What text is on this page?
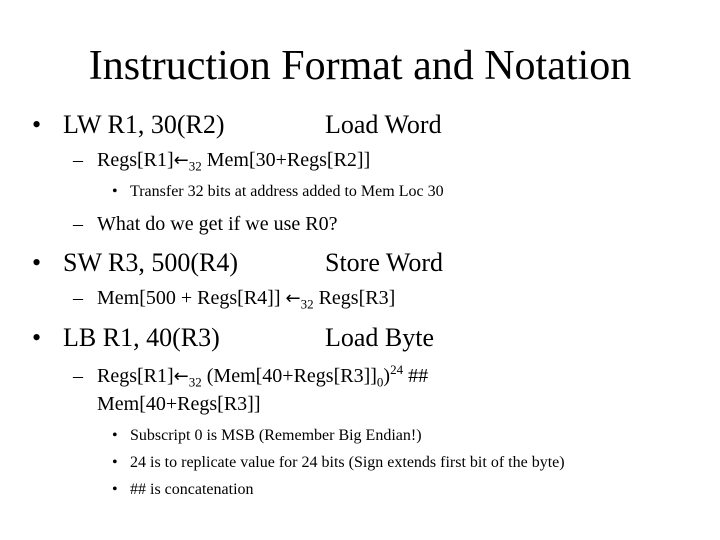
Instruction Format and Notation
• LW R1, 30(R2)	Load Word
– $Regs[R1]\leftarrow_{32}$ Mem[30+Regs[R2]]
• Transfer 32 bits at address added to Mem Loc 30
– What do we get if we use R0?
• SW R3, 500(R4)	Store Word
– Mem[500 + Regs[R4]] $\leftarrow_{32}$ Regs[R3]
• LB R1, 40(R3)	Load Byte
– $Regs[R1]\leftarrow_{32}$ $(Mem[40+Regs[R3]]_0)^{24}$ ##
Mem[40+Regs[R3]]
• Subscript 0 is MSB (Remember Big Endian!)
• 24 is to replicate value for 24 bits (Sign extends first bit of the byte)
• ## is concatenation
